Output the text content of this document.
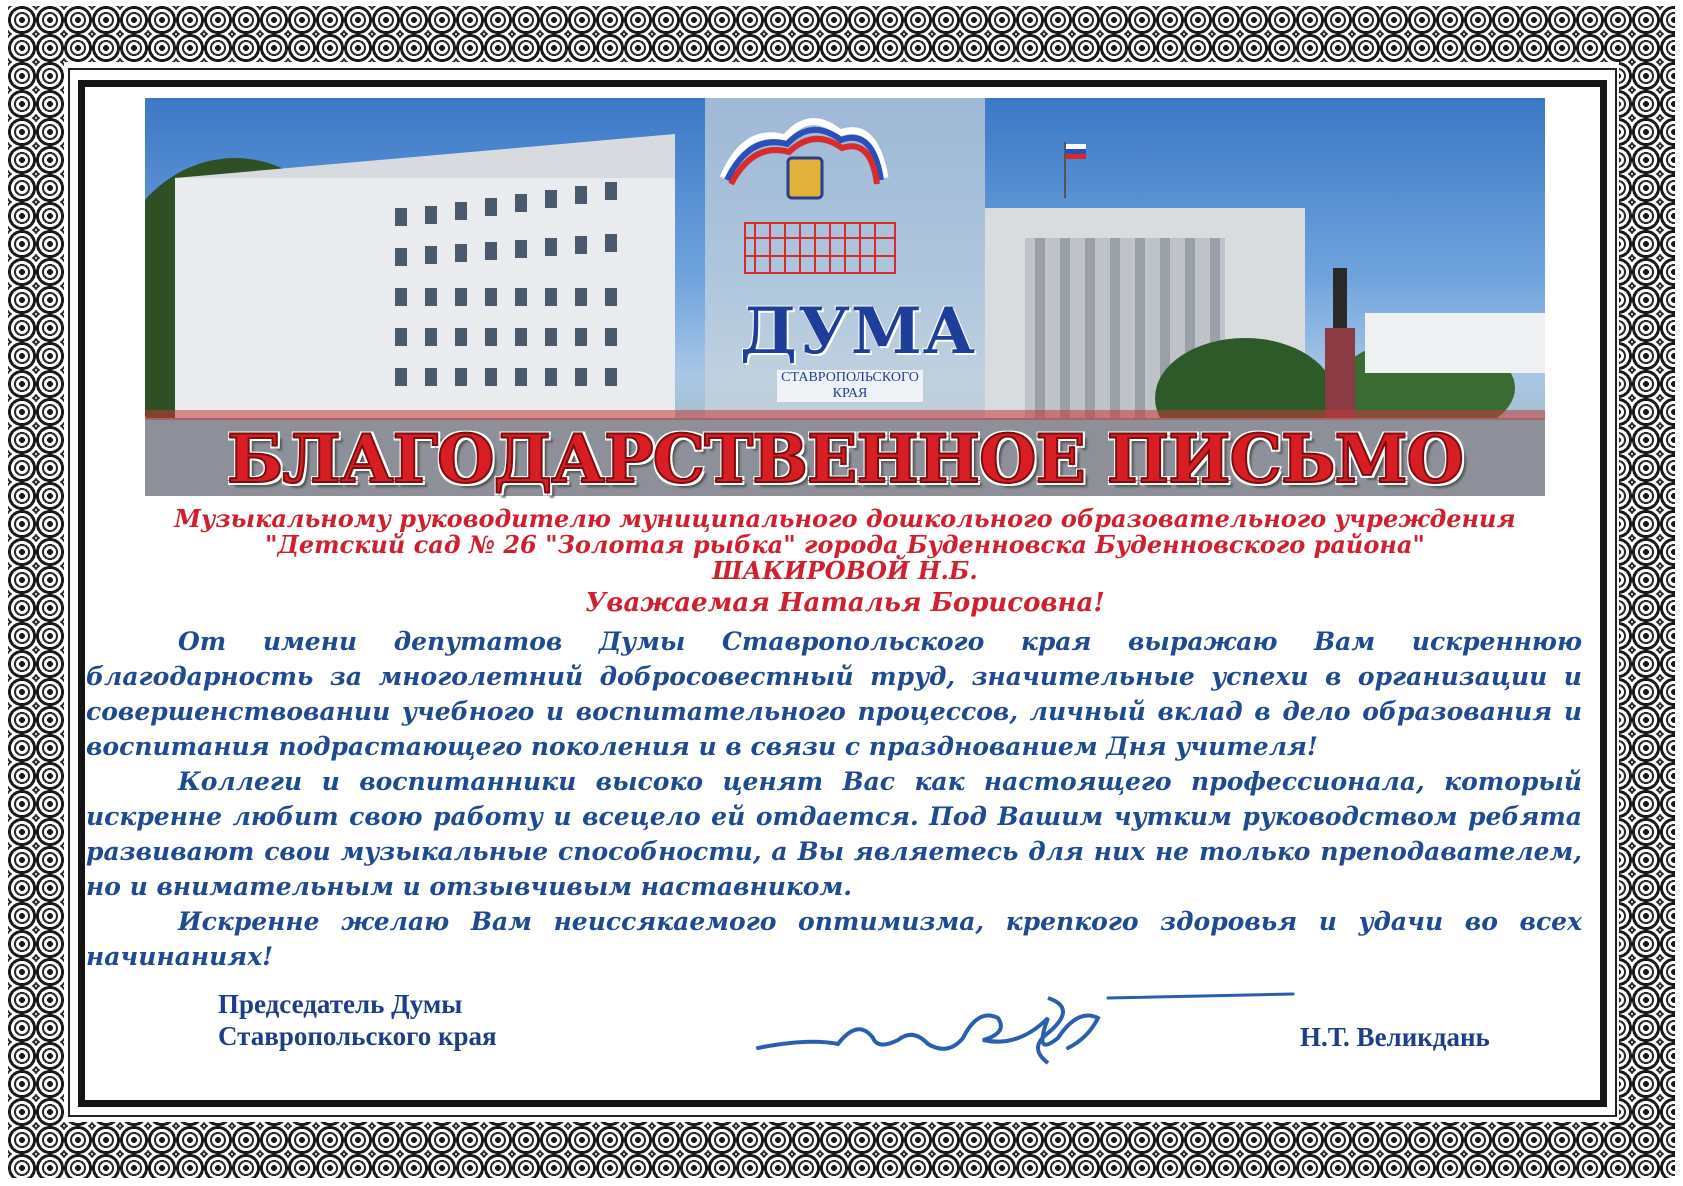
ДУМА
СТАВРОПОЛЬСКОГО
КРАЯ
БЛАГОДАРСТВЕННОЕ ПИСЬМО
Музыкальному руководителю муниципального дошкольного образовательного учреждения
"Детский сад № 26 "Золотая рыбка" города Буденновска Буденновского района"
ШАКИРОВОЙ Н.Б.
Уважаемая Наталья Борисовна!

От имени депутатов Думы Ставропольского края выражаю Вам искреннюю благодарность за многолетний добросовестный труд, значительные успехи в организации и совершенствовании учебного и воспитательного процессов, личный вклад в дело образования и воспитания подрастающего поколения и в связи с празднованием Дня учителя!

Коллеги и воспитанники высоко ценят Вас как настоящего профессионала, который искренне любит свою работу и всецело ей отдается. Под Вашим чутким руководством ребята развивают свои музыкальные способности, а Вы являетесь для них не только преподавателем, но и внимательным и отзывчивым наставником.

Искренне желаю Вам неиссякаемого оптимизма, крепкого здоровья и удачи во всех начинаниях!

Председатель Думы
Ставропольского края	Н.Т. Великдань
